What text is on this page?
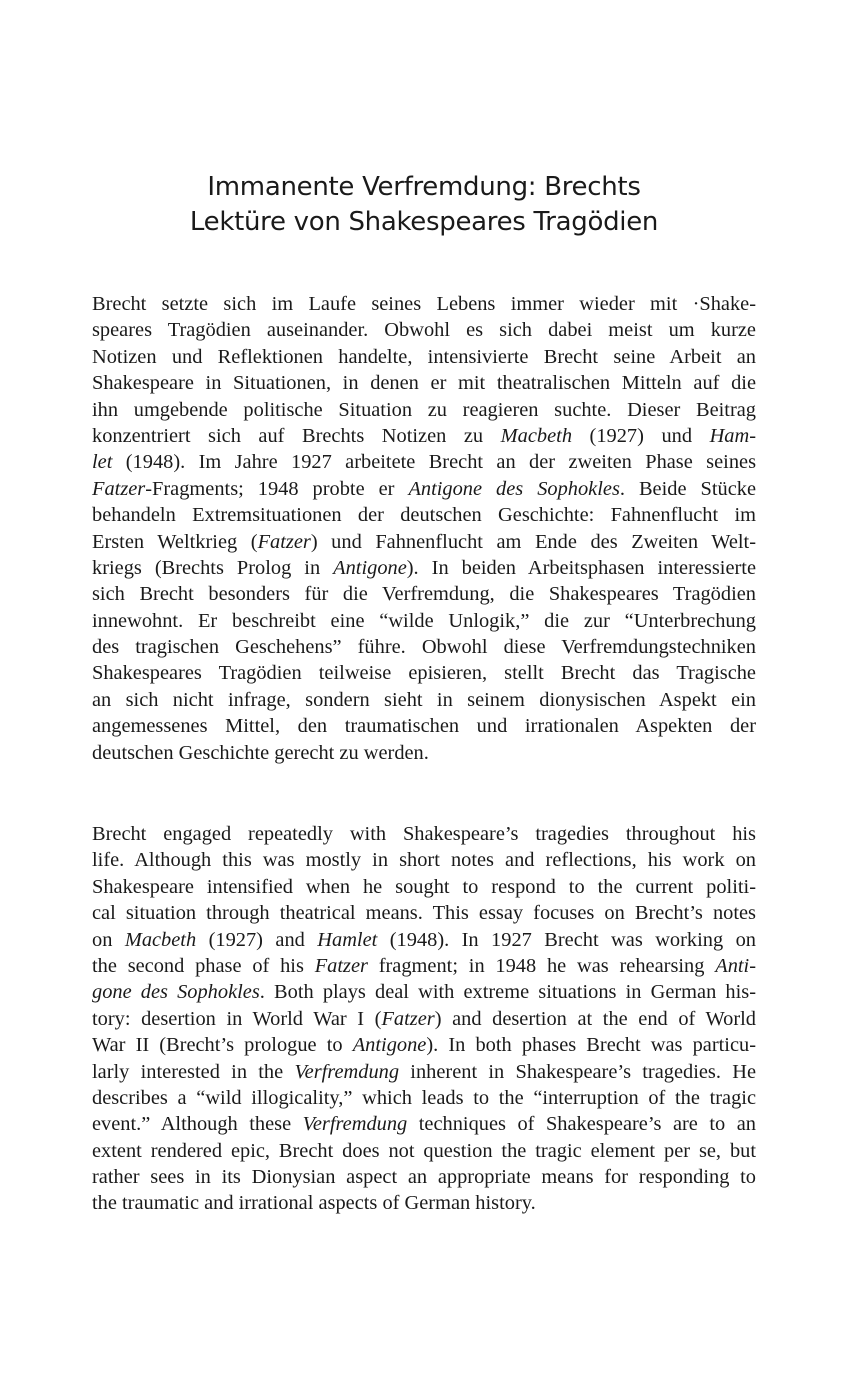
Immanente Verfremdung: Brechts
Lektüre von Shakespeares Tragödien
Brecht setzte sich im Laufe seines Lebens immer wieder mit ·Shake-
speares Tragödien auseinander. Obwohl es sich dabei meist um kurze
Notizen und Reflektionen handelte, intensivierte Brecht seine Arbeit an
Shakespeare in Situationen, in denen er mit theatralischen Mitteln auf die
ihn umgebende politische Situation zu reagieren suchte. Dieser Beitrag
konzentriert sich auf Brechts Notizen zu Macbeth (1927) und Ham-
let (1948). Im Jahre 1927 arbeitete Brecht an der zweiten Phase seines
Fatzer-Fragments; 1948 probte er Antigone des Sophokles. Beide Stücke
behandeln Extremsituationen der deutschen Geschichte: Fahnenflucht im
Ersten Weltkrieg (Fatzer) und Fahnenflucht am Ende des Zweiten Welt-
kriegs (Brechts Prolog in Antigone). In beiden Arbeitsphasen interessierte
sich Brecht besonders für die Verfremdung, die Shakespeares Tragödien
innewohnt. Er beschreibt eine “wilde Unlogik,” die zur “Unterbrechung
des tragischen Geschehens” führe. Obwohl diese Verfremdungstechniken
Shakespeares Tragödien teilweise episieren, stellt Brecht das Tragische
an sich nicht infrage, sondern sieht in seinem dionysischen Aspekt ein
angemessenes Mittel, den traumatischen und irrationalen Aspekten der
deutschen Geschichte gerecht zu werden.
Brecht engaged repeatedly with Shakespeare’s tragedies throughout his
life. Although this was mostly in short notes and reflections, his work on
Shakespeare intensified when he sought to respond to the current politi-
cal situation through theatrical means. This essay focuses on Brecht’s notes
on Macbeth (1927) and Hamlet (1948). In 1927 Brecht was working on
the second phase of his Fatzer fragment; in 1948 he was rehearsing Anti-
gone des Sophokles. Both plays deal with extreme situations in German his-
tory: desertion in World War I (Fatzer) and desertion at the end of World
War II (Brecht’s prologue to Antigone). In both phases Brecht was particu-
larly interested in the Verfremdung inherent in Shakespeare’s tragedies. He
describes a “wild illogicality,” which leads to the “interruption of the tragic
event.” Although these Verfremdung techniques of Shakespeare’s are to an
extent rendered epic, Brecht does not question the tragic element per se, but
rather sees in its Dionysian aspect an appropriate means for responding to
the traumatic and irrational aspects of German history.
